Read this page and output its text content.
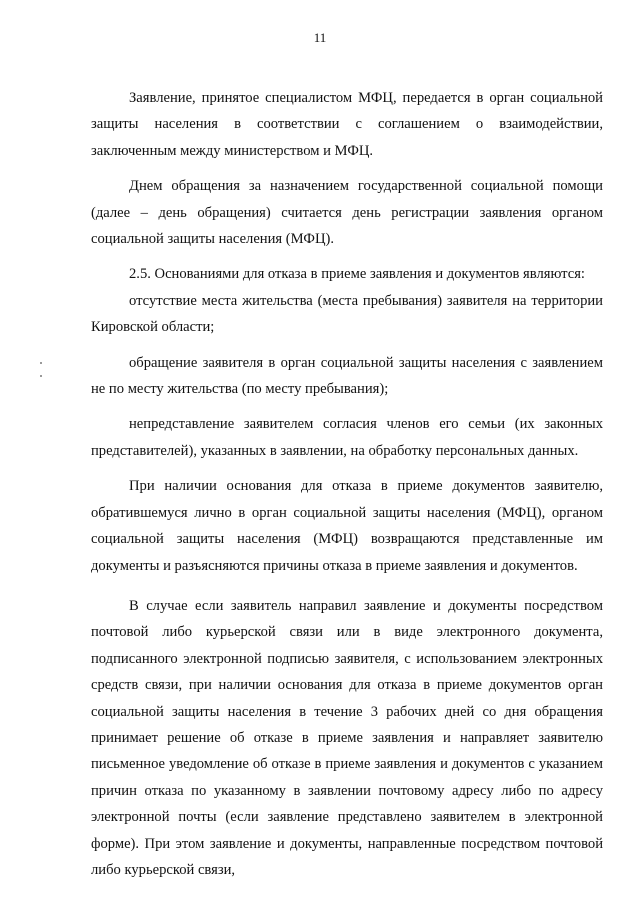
11

Заявление, принятое специалистом МФЦ, передается в орган социальной защиты населения в соответствии с соглашением о взаимодействии, заключенным между министерством и МФЦ.

Днем обращения за назначением государственной социальной помощи (далее – день обращения) считается день регистрации заявления органом социальной защиты населения (МФЦ).

2.5. Основаниями для отказа в приеме заявления и документов являются:

отсутствие места жительства (места пребывания) заявителя на территории Кировской области;

обращение заявителя в орган социальной защиты населения с заявлением не по месту жительства (по месту пребывания);

непредставление заявителем согласия членов его семьи (их законных представителей), указанных в заявлении, на обработку персональных данных.

При наличии основания для отказа в приеме документов заявителю, обратившемуся лично в орган социальной защиты населения (МФЦ), органом социальной защиты населения (МФЦ) возвращаются представленные им документы и разъясняются причины отказа в приеме заявления и документов.

В случае если заявитель направил заявление и документы посредством почтовой либо курьерской связи или в виде электронного документа, подписанного электронной подписью заявителя, с использованием электронных средств связи, при наличии основания для отказа в приеме документов орган социальной защиты населения в течение 3 рабочих дней со дня обращения принимает решение об отказе в приеме заявления и направляет заявителю письменное уведомление об отказе в приеме заявления и документов с указанием причин отказа по указанному в заявлении почтовому адресу либо по адресу электронной почты (если заявление представлено заявителем в электронной форме). При этом заявление и документы, направленные посредством почтовой либо курьерской связи,
